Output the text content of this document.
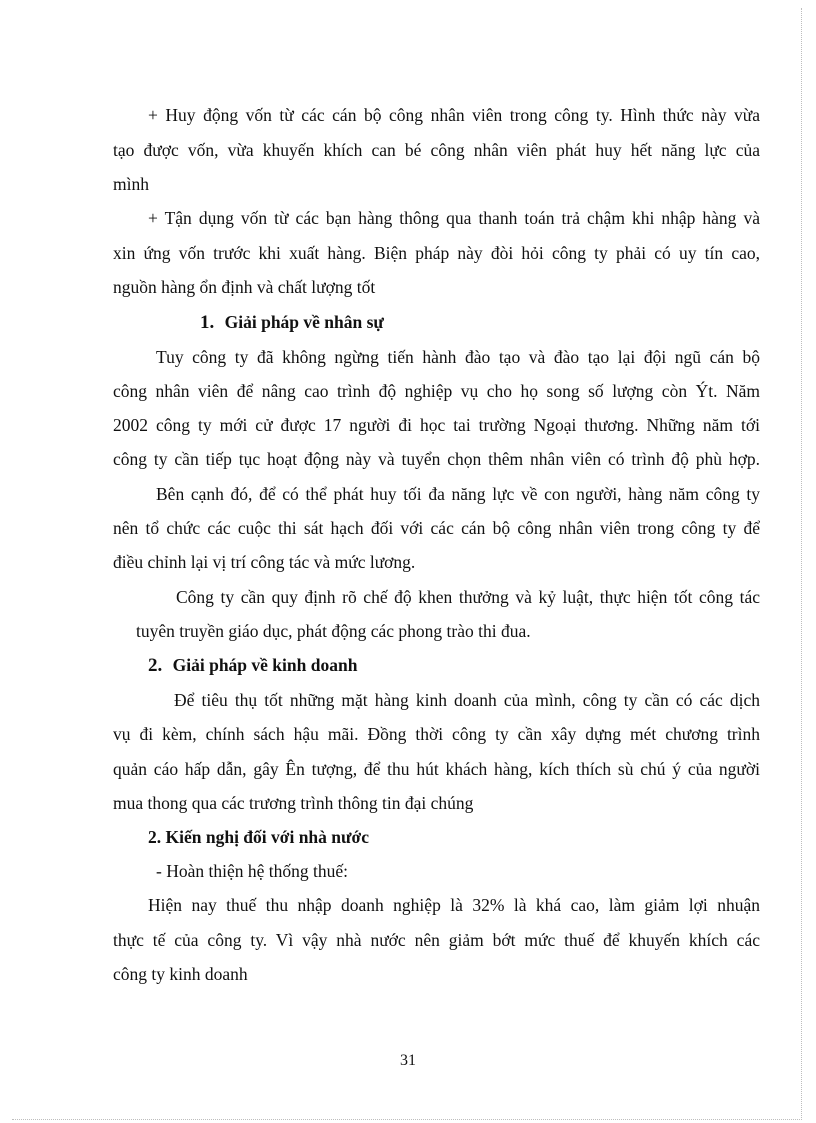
+ Huy động vốn từ các cán bộ công nhân viên trong công ty. Hình thức này vừa
tạo được vốn, vừa khuyến khích can bé công nhân viên phát huy hết năng lực của
mình
+ Tận dụng vốn từ các bạn hàng thông qua thanh toán trả chậm khi nhập hàng và
xin ứng vốn trước khi xuất hàng. Biện pháp này đòi hỏi công ty phải có uy tín cao,
nguồn hàng ổn định và chất lượng tốt
1. Giải pháp về nhân sự
Tuy công ty đã không ngừng tiến hành đào tạo và đào tạo lại đội ngũ cán bộ
công nhân viên để nâng cao trình độ nghiệp vụ cho họ song số lượng còn Ýt. Năm
2002 công ty mới cử được 17 người đi học tai trường Ngoại thương. Những năm tới
công ty cần tiếp tục hoạt động này và tuyển chọn thêm nhân viên có trình độ phù hợp.
Bên cạnh đó, để có thể phát huy tối đa năng lực về con người, hàng năm công ty
nên tổ chức các cuộc thi sát hạch đối với các cán bộ công nhân viên trong công ty để
điều chỉnh lại vị trí công tác và mức lương.
Công ty cần quy định rõ chế độ khen thưởng và kỷ luật, thực hiện tốt công tác
tuyên truyền giáo dục, phát động các phong trào thi đua.
2. Giải pháp về kinh doanh
Để tiêu thụ tốt những mặt hàng kinh doanh của mình, công ty cần có các dịch
vụ đi kèm, chính sách hậu mãi. Đồng thời công ty cần xây dựng mét chương trình
quản cáo hấp dẫn, gây Ên tượng, để thu hút khách hàng, kích thích sù chú ý của người
mua thong qua các trương trình thông tin đại chúng
2. Kiến nghị đối với nhà nước
- Hoàn thiện hệ thống thuế:
Hiện nay thuế thu nhập doanh nghiệp là 32% là khá cao, làm giảm lợi nhuận
thực tế của công ty. Vì vậy nhà nước nên giảm bớt mức thuế để khuyến khích các
công ty kinh doanh
31
